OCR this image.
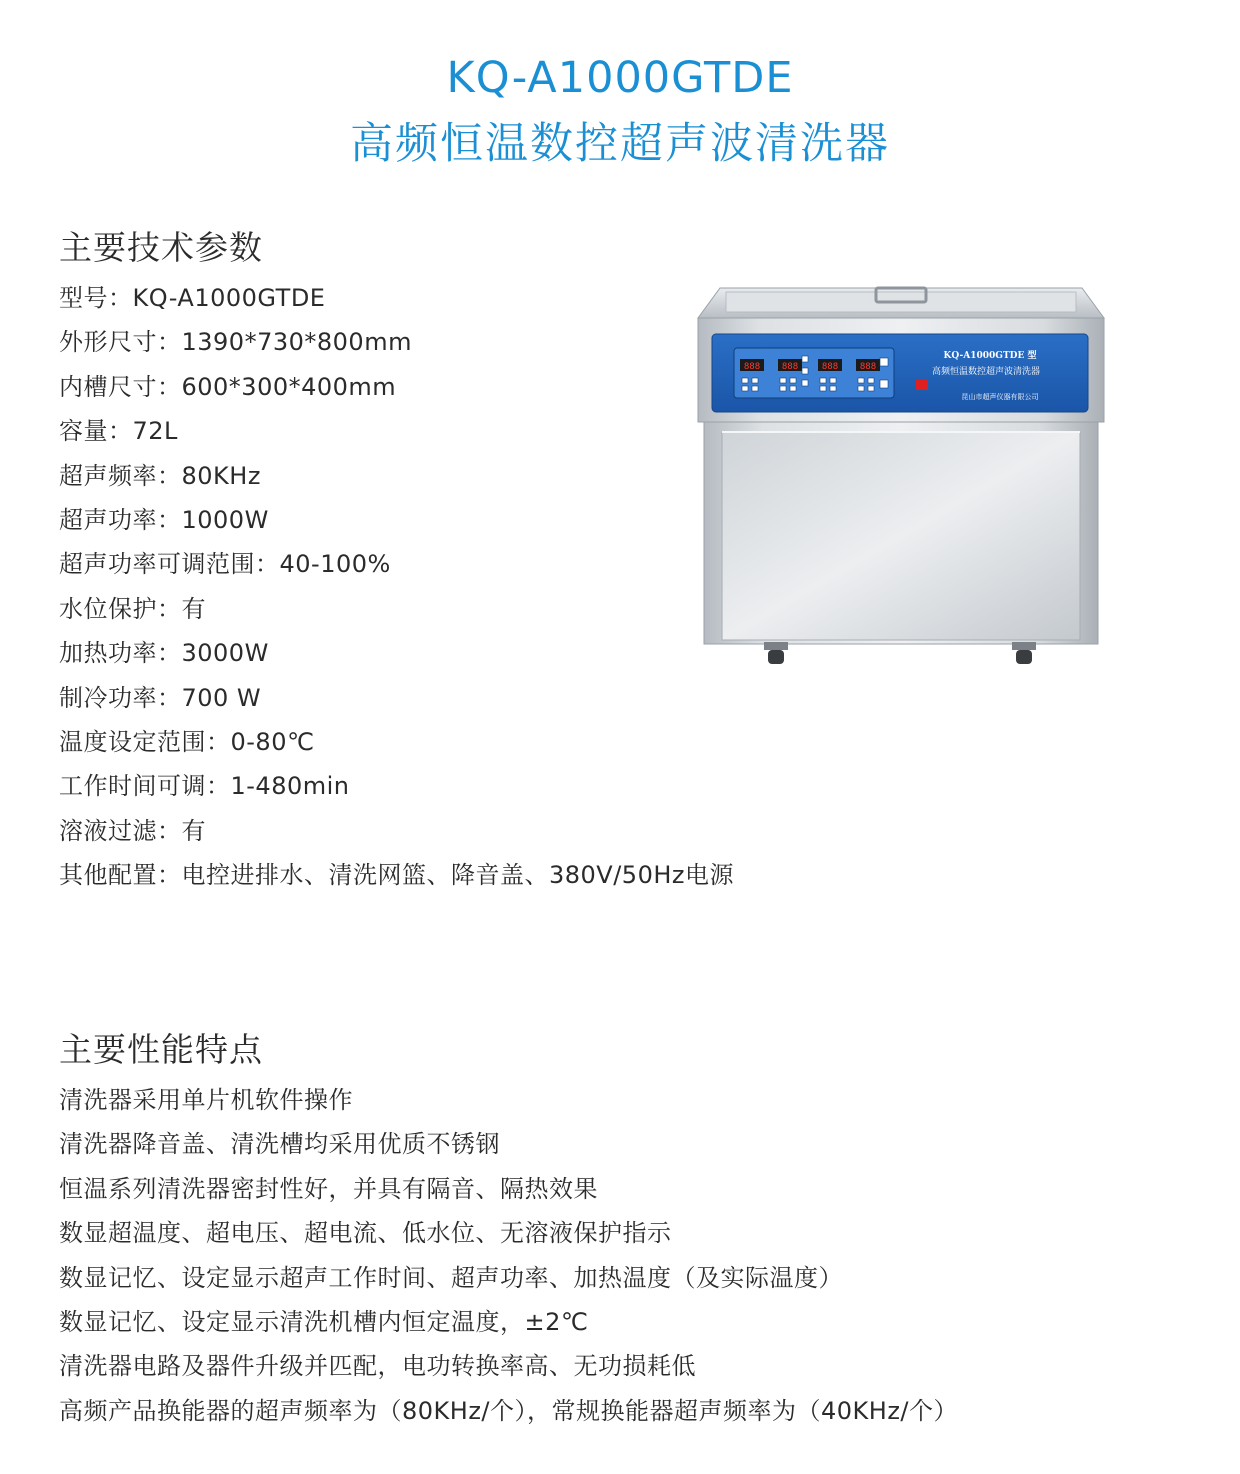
KQ-A1000GTDE
高频恒温数控超声波清洗器
主要技术参数
型号：KQ-A1000GTDE
外形尺寸：1390*730*800mm
内槽尺寸：600*300*400mm
容量：72L
超声频率：80KHz
超声功率：1000W
超声功率可调范围：40-100%
水位保护：有
加热功率：3000W
制冷功率：700 W
温度设定范围：0-80℃
工作时间可调：1-480min
溶液过滤：有
其他配置：电控进排水、清洗网篮、降音盖、380V/50Hz电源
主要性能特点
清洗器采用单片机软件操作
清洗器降音盖、清洗槽均采用优质不锈钢
恒温系列清洗器密封性好，并具有隔音、隔热效果
数显超温度、超电压、超电流、低水位、无溶液保护指示
数显记忆、设定显示超声工作时间、超声功率、加热温度（及实际温度）
数显记忆、设定显示清洗机槽内恒定温度，±2℃
清洗器电路及器件升级并匹配，电功转换率高、无功损耗低
高频产品换能器的超声频率为（80KHz/个），常规换能器超声频率为（40KHz/个）
888 888	888 888
KQ-A1000GTDE 型
高频恒温数控超声波清洗器
昆山市超声仪器有限公司
